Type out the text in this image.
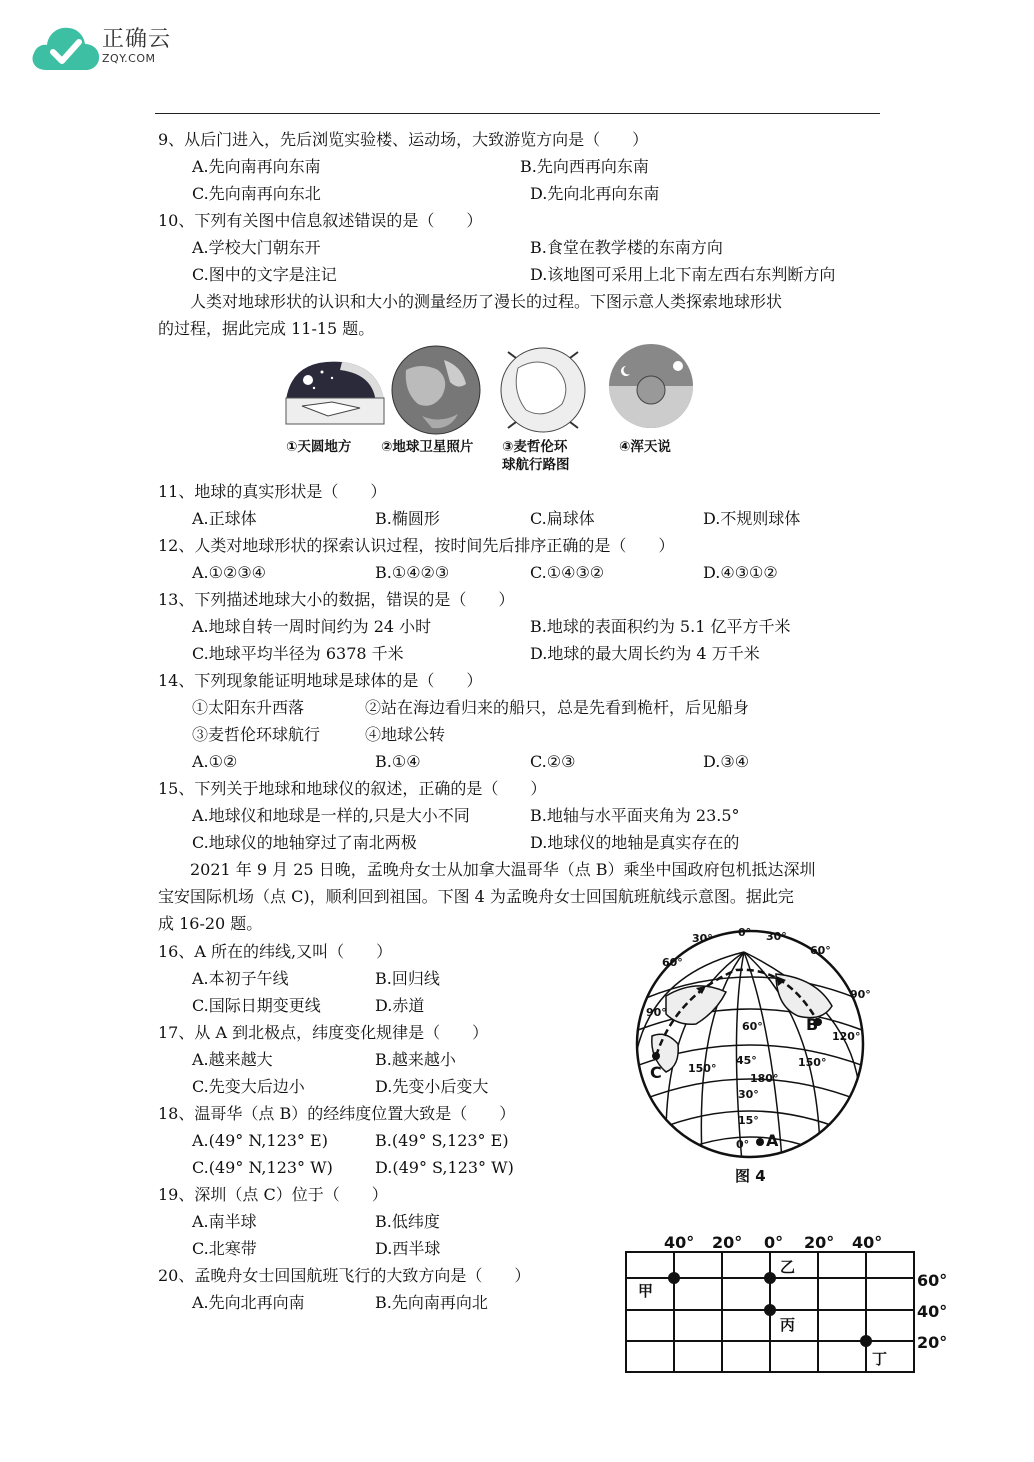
正确云
ZQY.COM
9、从后门进入，先后浏览实验楼、运动场，大致游览方向是（　　）
A.先向南再向东南	B.先向西再向东南
C.先向南再向东北	D.先向北再向东南
10、下列有关图中信息叙述错误的是（　　）
A.学校大门朝东开	B.食堂在教学楼的东南方向
C.图中的文字是注记	D.该地图可采用上北下南左西右东判断方向
　　人类对地球形状的认识和大小的测量经历了漫长的过程。下图示意人类探索地球形状
的过程，据此完成 11-15 题。
①天圆地方 ②地球卫星照片 ③麦哲伦环
球航行路图
④浑天说
11、地球的真实形状是（　　）
A.正球体	B.椭圆形	C.扁球体	D.不规则球体
12、人类对地球形状的探索认识过程，按时间先后排序正确的是（　　）
A.①②③④	B.①④②③	C.①④③②	D.④③①②
13、下列描述地球大小的数据，错误的是（　　）
A.地球自转一周时间约为 24 小时	B.地球的表面积约为 5.1 亿平方千米
C.地球平均半径为 6378 千米	D.地球的最大周长约为 4 万千米
14、下列现象能证明地球是球体的是（　　）
①太阳东升西落	②站在海边看归来的船只，总是先看到桅杆，后见船身
③麦哲伦环球航行	④地球公转
A.①②	B.①④	C.②③	D.③④
15、下列关于地球和地球仪的叙述，正确的是（　　）
A.地球仪和地球是一样的,只是大小不同	B.地轴与水平面夹角为 23.5°
C.地球仪的地轴穿过了南北两极	D.地球仪的地轴是真实存在的
　　2021 年 9 月 25 日晚，孟晚舟女士从加拿大温哥华（点 B）乘坐中国政府包机抵达深圳
宝安国际机场（点 C)，顺利回到祖国。下图 4 为孟晚舟女士回国航班航线示意图。据此完
成 16-20 题。
16、A 所在的纬线,又叫（　　）
A.本初子午线	B.回归线
C.国际日期变更线	D.赤道
17、从 A 到北极点，纬度变化规律是（　　）
A.越来越大	B.越来越小
C.先变大后边小	D.先变小后变大
18、温哥华（点 B）的经纬度位置大致是（　　）
A.(49° N,123° E)	B.(49° S,123° E)
C.(49° N,123° W)	D.(49° S,123° W)
19、深圳（点 C）位于（　　）
A.南半球	B.低纬度
C.北寒带	D.西半球
20、孟晚舟女士回国航班飞行的大致方向是（　　）
A.先向北再向南	B.先向南再向北
30° 0° 30°
60°
60°
90°
90°
120°
150°	150°
180°
60°
45°
30°
15°
0° A
B
C
图 4
40° 20° 0° 20° 40°
60°
40°
20°
甲
乙
丙
丁
